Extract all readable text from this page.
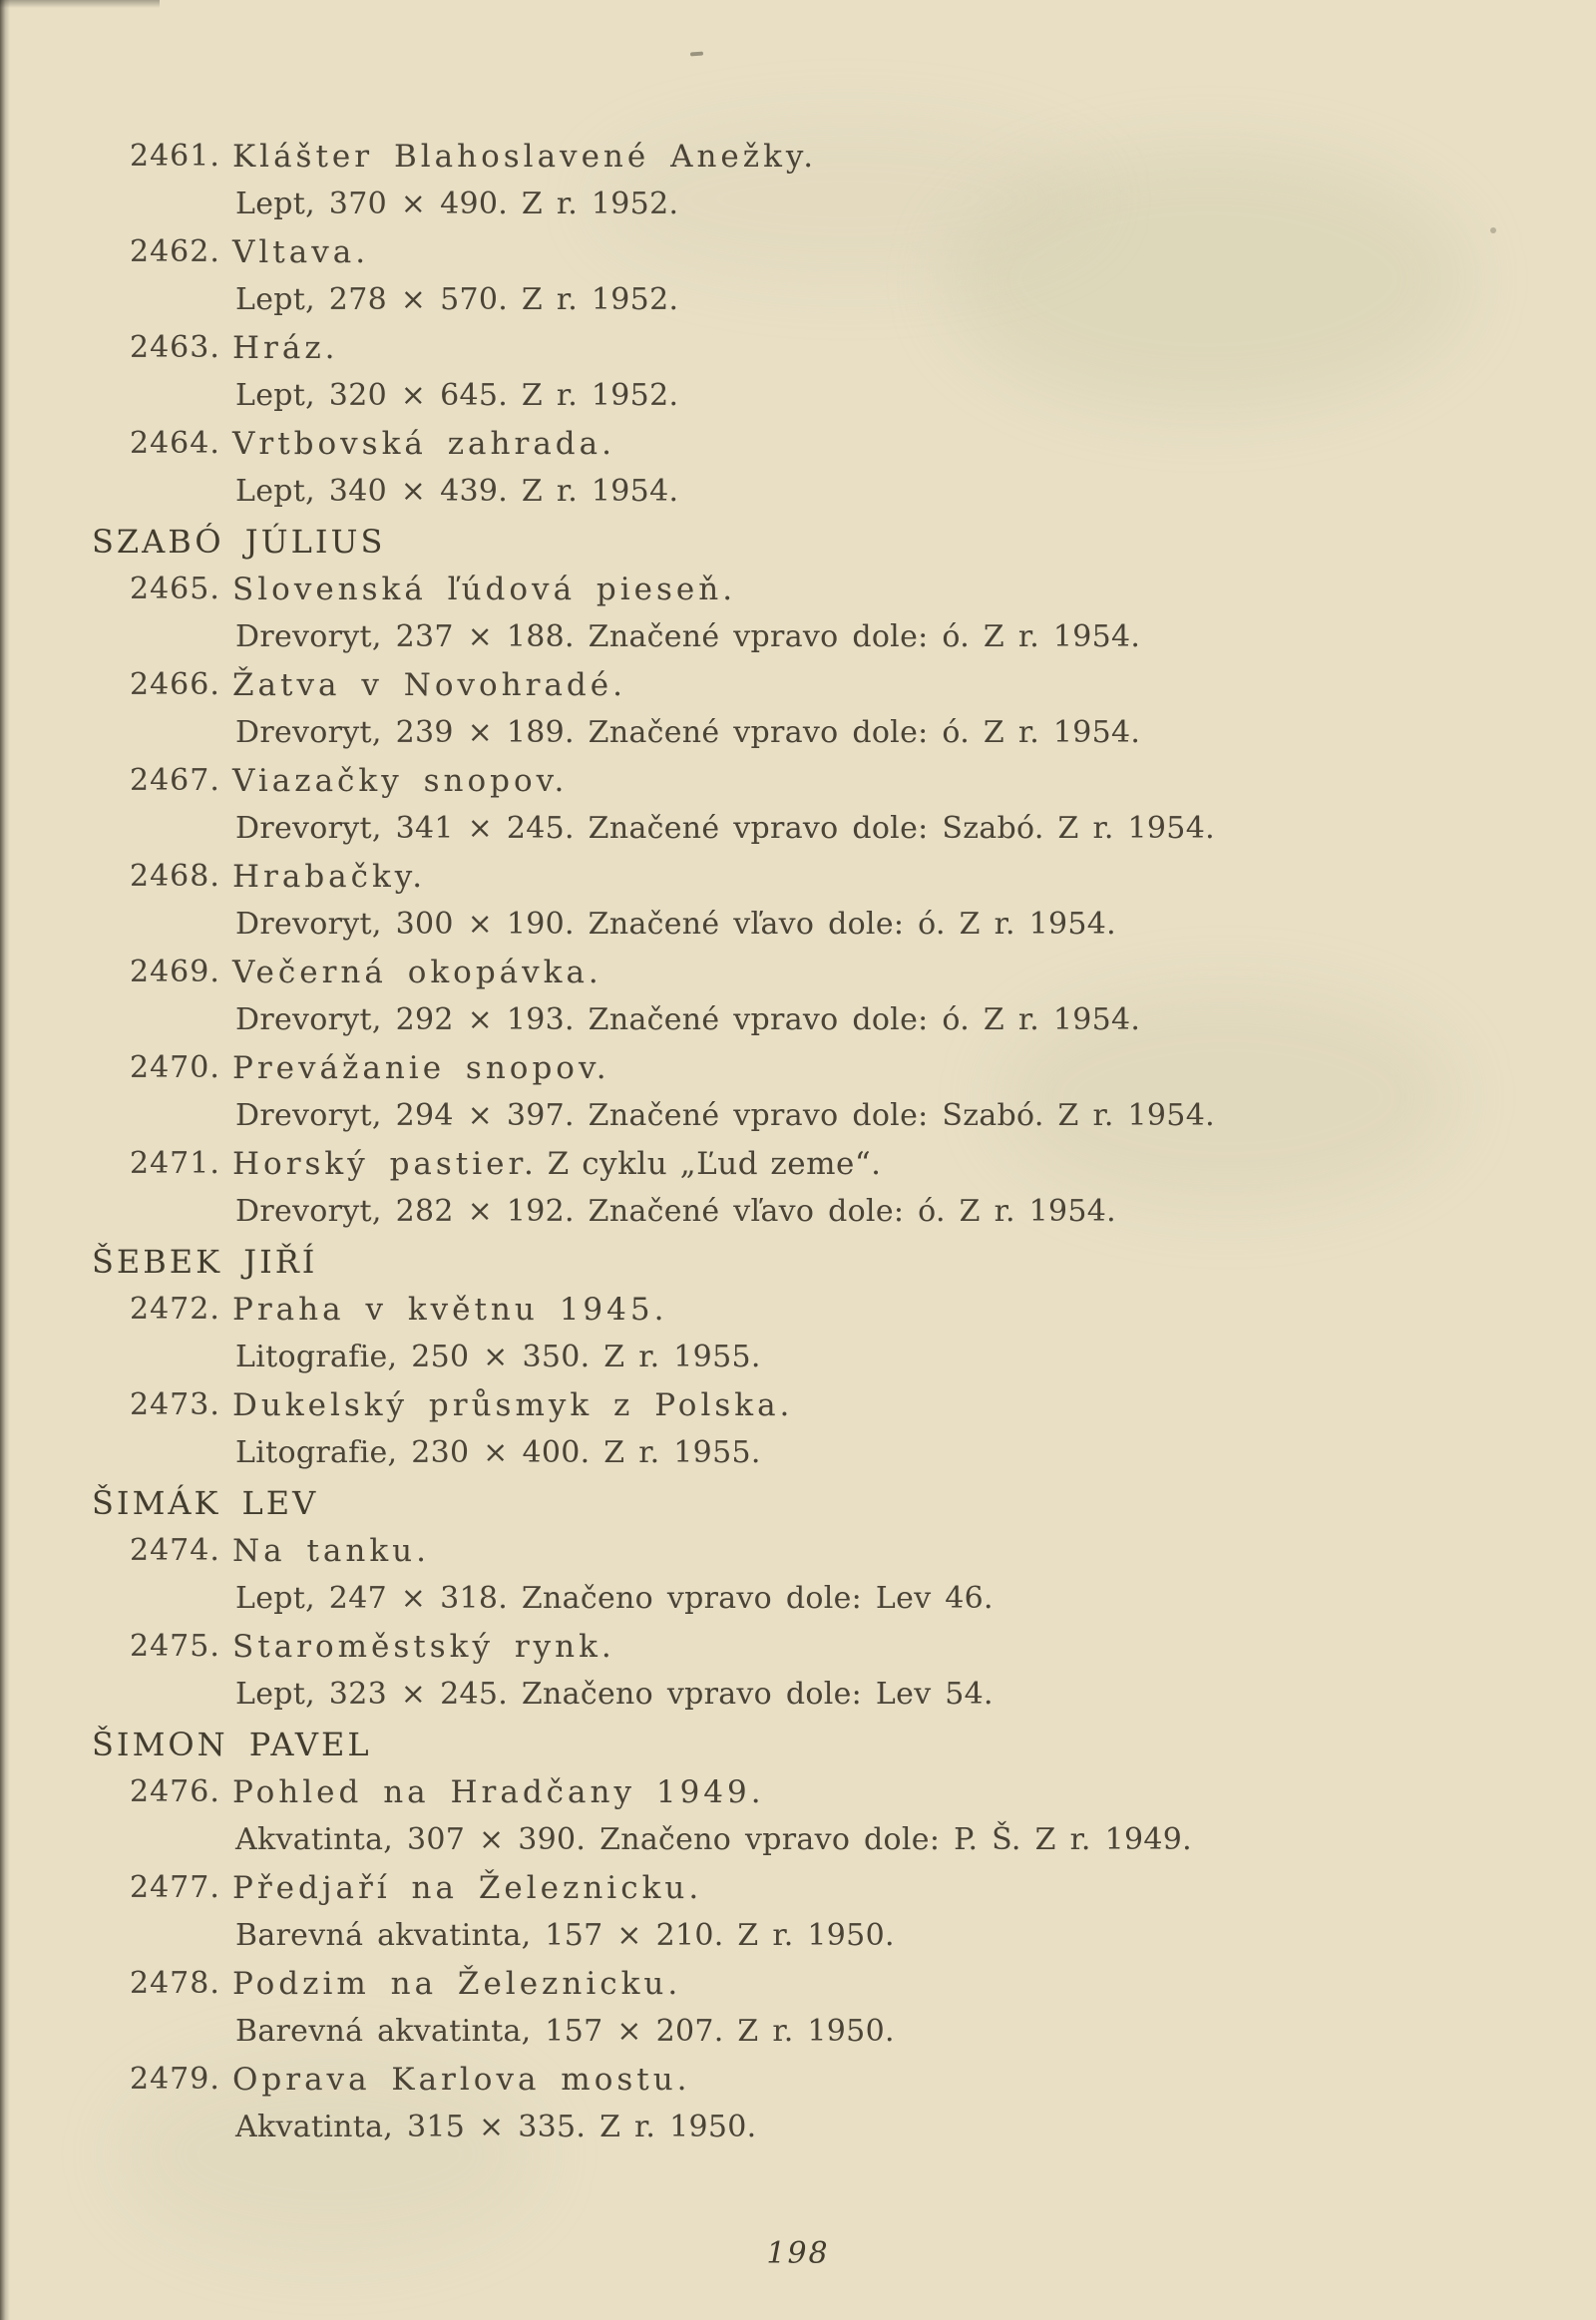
2461. Klášter Blahoslavené Anežky.
Lept, 370 × 490. Z r. 1952.
2462. Vltava.
Lept, 278 × 570. Z r. 1952.
2463. Hráz.
Lept, 320 × 645. Z r. 1952.
2464. Vrtbovská zahrada.
Lept, 340 × 439. Z r. 1954.
SZABÓ JÚLIUS
2465. Slovenská ľúdová pieseň.
Drevoryt, 237 × 188. Značené vpravo dole: ó. Z r. 1954.
2466. Žatva v Novohradé.
Drevoryt, 239 × 189. Značené vpravo dole: ó. Z r. 1954.
2467. Viazačky snopov.
Drevoryt, 341 × 245. Značené vpravo dole: Szabó. Z r. 1954.
2468. Hrabačky.
Drevoryt, 300 × 190. Značené vľavo dole: ó. Z r. 1954.
2469. Večerná okopávka.
Drevoryt, 292 × 193. Značené vpravo dole: ó. Z r. 1954.
2470. Prevážanie snopov.
Drevoryt, 294 × 397. Značené vpravo dole: Szabó. Z r. 1954.
2471. Horský pastier. Z cyklu „Ľud zeme“.
Drevoryt, 282 × 192. Značené vľavo dole: ó. Z r. 1954.
ŠEBEK JIŘÍ
2472. Praha v květnu 1945.
Litografie, 250 × 350. Z r. 1955.
2473. Dukelský průsmyk z Polska.
Litografie, 230 × 400. Z r. 1955.
ŠIMÁK LEV
2474. Na tanku.
Lept, 247 × 318. Značeno vpravo dole: Lev 46.
2475. Staroměstský rynk.
Lept, 323 × 245. Značeno vpravo dole: Lev 54.
ŠIMON PAVEL
2476. Pohled na Hradčany 1949.
Akvatinta, 307 × 390. Značeno vpravo dole: P. Š. Z r. 1949.
2477. Předjaří na Železnicku.
Barevná akvatinta, 157 × 210. Z r. 1950.
2478. Podzim na Železnicku.
Barevná akvatinta, 157 × 207. Z r. 1950.
2479. Oprava Karlova mostu.
Akvatinta, 315 × 335. Z r. 1950.
198
